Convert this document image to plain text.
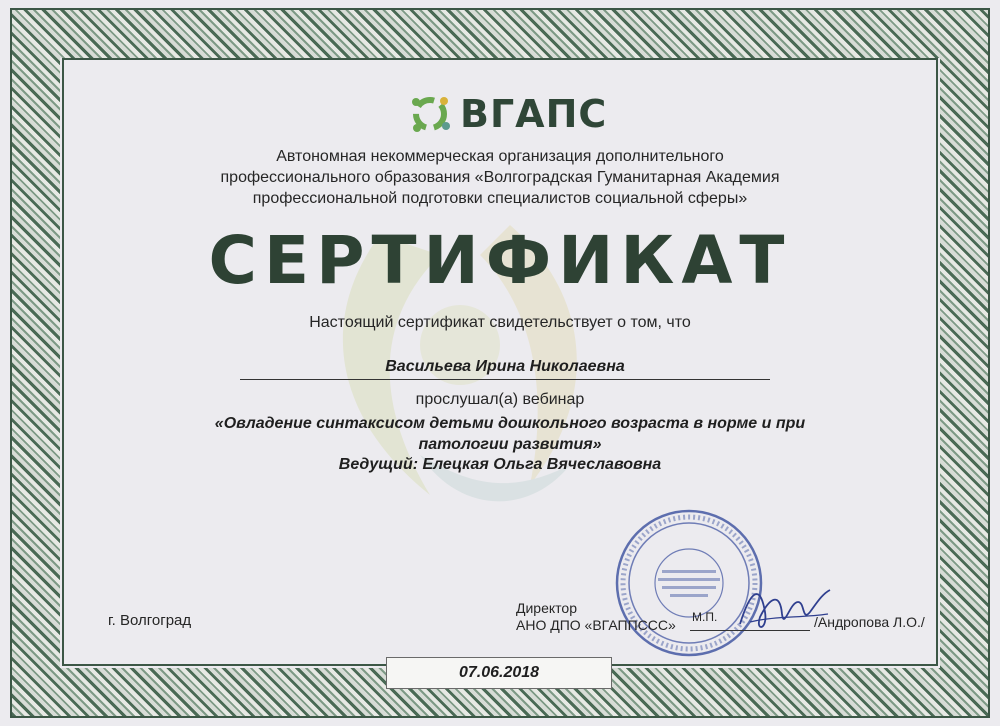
ВГАПС
Автономная некоммерческая организация дополнительного
профессионального образования «Волгоградская Гуманитарная Академия
профессиональной подготовки специалистов социальной сферы»
СЕРТИФИКАТ
Настоящий сертификат свидетельствует о том, что
Васильева Ирина Николаевна
прослушал(а) вебинар
«Овладение синтаксисом детьми дошкольного возраста в норме и при
патологии развития»
Ведущий: Елецкая Ольга Вячеславовна
г. Волгоград
Директор
АНО ДПО «ВГАППССС» М.П.	/Андропова Л.О./
07.06.2018
